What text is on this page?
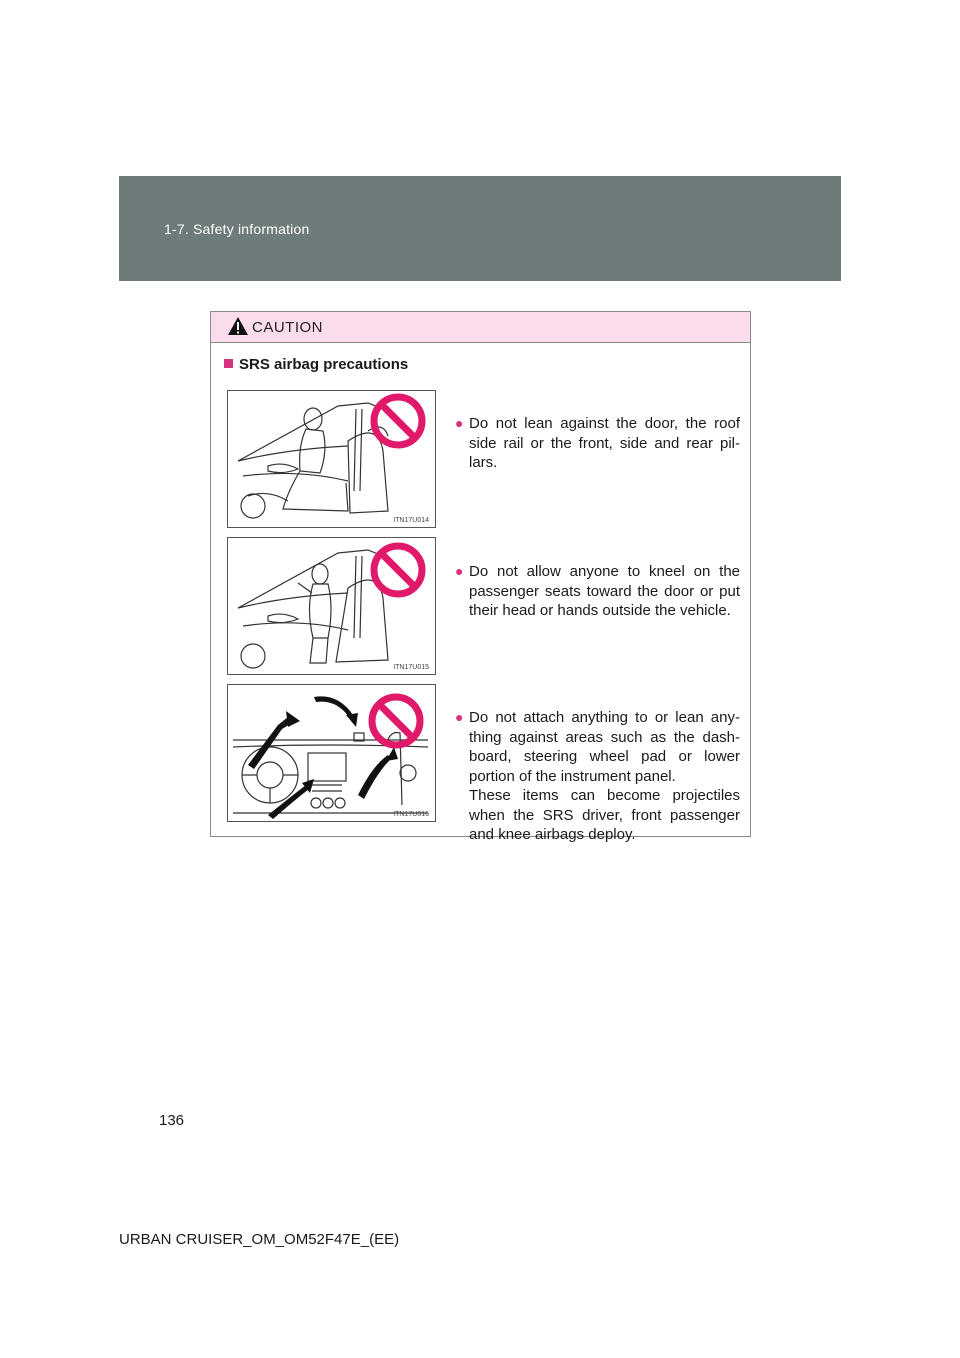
1-7. Safety information
CAUTION
SRS airbag precautions
ITN17U014
ITN17U015
ITN17U016
● Do not lean against the door, the roof side rail or the front, side and rear pil-lars.
● Do not allow anyone to kneel on the passenger seats toward the door or put their head or hands outside the vehicle.
● Do not attach anything to or lean any-thing against areas such as the dash-board, steering wheel pad or lower portion of the instrument panel.
These items can become projectiles when the SRS driver, front passenger and knee airbags deploy.
136
URBAN CRUISER_OM_OM52F47E_(EE)
